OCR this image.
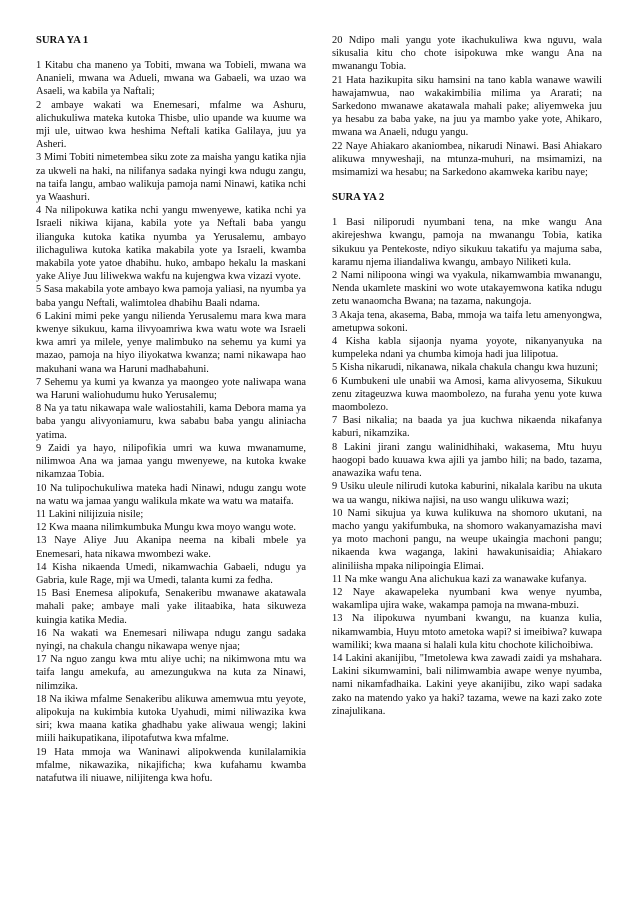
SURA YA 1

1 Kitabu cha maneno ya Tobiti, mwana wa Tobieli, mwana wa Ananieli, mwana wa Adueli, mwana wa Gabaeli, wa uzao wa Asaeli, wa kabila ya Naftali;

2 ambaye wakati wa Enemesari, mfalme wa Ashuru, alichukuliwa mateka kutoka Thisbe, ulio upande wa kuume wa mji ule, uitwao kwa heshima Neftali katika Galilaya, juu ya Asheri.

3 Mimi Tobiti nimetembea siku zote za maisha yangu katika njia za ukweli na haki, na nilifanya sadaka nyingi kwa ndugu zangu, na taifa langu, ambao walikuja pamoja nami Ninawi, katika nchi ya Waashuri.

4 Na nilipokuwa katika nchi yangu mwenyewe, katika nchi ya Israeli nikiwa kijana, kabila yote ya Neftali baba yangu ilianguka kutoka katika nyumba ya Yerusalemu, ambayo ilichaguliwa kutoka katika makabila yote ya Israeli, kwamba makabila yote yatoe dhabihu. huko, ambapo hekalu la maskani yake Aliye Juu liliwekwa wakfu na kujengwa kwa vizazi vyote.

5 Sasa makabila yote ambayo kwa pamoja yaliasi, na nyumba ya baba yangu Neftali, walimtolea dhabihu Baali ndama.

6 Lakini mimi peke yangu nilienda Yerusalemu mara kwa mara kwenye sikukuu, kama ilivyoamriwa kwa watu wote wa Israeli kwa amri ya milele, yenye malimbuko na sehemu ya kumi ya mazao, pamoja na hiyo iliyokatwa kwanza; nami nikawapa hao makuhani wana wa Haruni madhabahuni.

7 Sehemu ya kumi ya kwanza ya maongeo yote naliwapa wana wa Haruni waliohudumu huko Yerusalemu;

8 Na ya tatu nikawapa wale waliostahili, kama Debora mama ya baba yangu alivyoniamuru, kwa sababu baba yangu aliniacha yatima.

9 Zaidi ya hayo, nilipofikia umri wa kuwa mwanamume, nilimwoa Ana wa jamaa yangu mwenyewe, na kutoka kwake nikamzaa Tobia.

10 Na tulipochukuliwa mateka hadi Ninawi, ndugu zangu wote na watu wa jamaa yangu walikula mkate wa watu wa mataifa.

11 Lakini nilijizuia nisile;

12 Kwa maana nilimkumbuka Mungu kwa moyo wangu wote.

13 Naye Aliye Juu Akanipa neema na kibali mbele ya Enemesari, hata nikawa mwombezi wake.

14 Kisha nikaenda Umedi, nikamwachia Gabaeli, ndugu ya Gabria, kule Rage, mji wa Umedi, talanta kumi za fedha.

15 Basi Enemesa alipokufa, Senakeribu mwanawe akatawala mahali pake; ambaye mali yake ilitaabika, hata sikuweza kuingia katika Media.

16 Na wakati wa Enemesari niliwapa ndugu zangu sadaka nyingi, na chakula changu nikawapa wenye njaa;

17 Na nguo zangu kwa mtu aliye uchi; na nikimwona mtu wa taifa langu amekufa, au amezungukwa na kuta za Ninawi, nilimzika.

18 Na ikiwa mfalme Senakeribu alikuwa amemwua mtu yeyote, alipokuja na kukimbia kutoka Uyahudi, mimi niliwazika kwa siri; kwa maana katika ghadhabu yake aliwaua wengi; lakini miili haikupatikana, ilipotafutwa kwa mfalme.

19 Hata mmoja wa Waninawi alipokwenda kunilalamikia mfalme, nikawazika, nikajificha; kwa kufahamu kwamba natafutwa ili niuawe, nilijitenga kwa hofu.

20 Ndipo mali yangu yote ikachukuliwa kwa nguvu, wala sikusalia kitu cho chote isipokuwa mke wangu Ana na mwanangu Tobia.

21 Hata hazikupita siku hamsini na tano kabla wanawe wawili hawajamwua, nao wakakimbilia milima ya Ararati; na Sarkedono mwanawe akatawala mahali pake; aliyemweka juu ya hesabu za baba yake, na juu ya mambo yake yote, Ahikaro, mwana wa Anaeli, ndugu yangu.

22 Naye Ahiakaro akaniombea, nikarudi Ninawi. Basi Ahiakaro alikuwa mnyweshaji, na mtunza-muhuri, na msimamizi, na msimamizi wa hesabu; na Sarkedono akamweka karibu naye;

SURA YA 2

1 Basi niliporudi nyumbani tena, na mke wangu Ana akirejeshwa kwangu, pamoja na mwanangu Tobia, katika sikukuu ya Pentekoste, ndiyo sikukuu takatifu ya majuma saba, karamu njema iliandaliwa kwangu, ambayo Niliketi kula.

2 Nami nilipoona wingi wa vyakula, nikamwambia mwanangu, Nenda ukamlete maskini wo wote utakayemwona katika ndugu zetu wanaomcha Bwana; na tazama, nakungoja.

3 Akaja tena, akasema, Baba, mmoja wa taifa letu amenyongwa, ametupwa sokoni.

4 Kisha kabla sijaonja nyama yoyote, nikanyanyuka na kumpeleka ndani ya chumba kimoja hadi jua lilipotua.

5 Kisha nikarudi, nikanawa, nikala chakula changu kwa huzuni;

6 Kumbukeni ule unabii wa Amosi, kama alivyosema, Sikukuu zenu zitageuzwa kuwa maombolezo, na furaha yenu yote kuwa maombolezo.

7 Basi nikalia; na baada ya jua kuchwa nikaenda nikafanya kaburi, nikamzika.

8 Lakini jirani zangu walinidhihaki, wakasema, Mtu huyu haogopi bado kuuawa kwa ajili ya jambo hili; na bado, tazama, anawazika wafu tena.

9 Usiku uleule nilirudi kutoka kaburini, nikalala karibu na ukuta wa ua wangu, nikiwa najisi, na uso wangu ulikuwa wazi;

10 Nami sikujua ya kuwa kulikuwa na shomoro ukutani, na macho yangu yakifumbuka, na shomoro wakanyamazisha mavi ya moto machoni pangu, na weupe ukaingia machoni pangu; nikaenda kwa waganga, lakini hawakunisaidia; Ahiakaro aliniliisha mpaka nilipoingia Elimai.

11 Na mke wangu Ana alichukua kazi za wanawake kufanya.

12 Naye akawapeleka nyumbani kwa wenye nyumba, wakamlipa ujira wake, wakampa pamoja na mwana-mbuzi.

13 Na ilipokuwa nyumbani kwangu, na kuanza kulia, nikamwambia, Huyu mtoto ametoka wapi? si imeibiwa? kuwapa wamiliki; kwa maana si halali kula kitu chochote kilichoibiwa.

14 Lakini akanijibu, "Imetolewa kwa zawadi zaidi ya mshahara. Lakini sikumwamini, bali nilimwambia awape wenye nyumba, nami nikamfadhaika. Lakini yeye akanijibu, ziko wapi sadaka zako na matendo yako ya haki? tazama, wewe na kazi zako zote zinajulikana.
